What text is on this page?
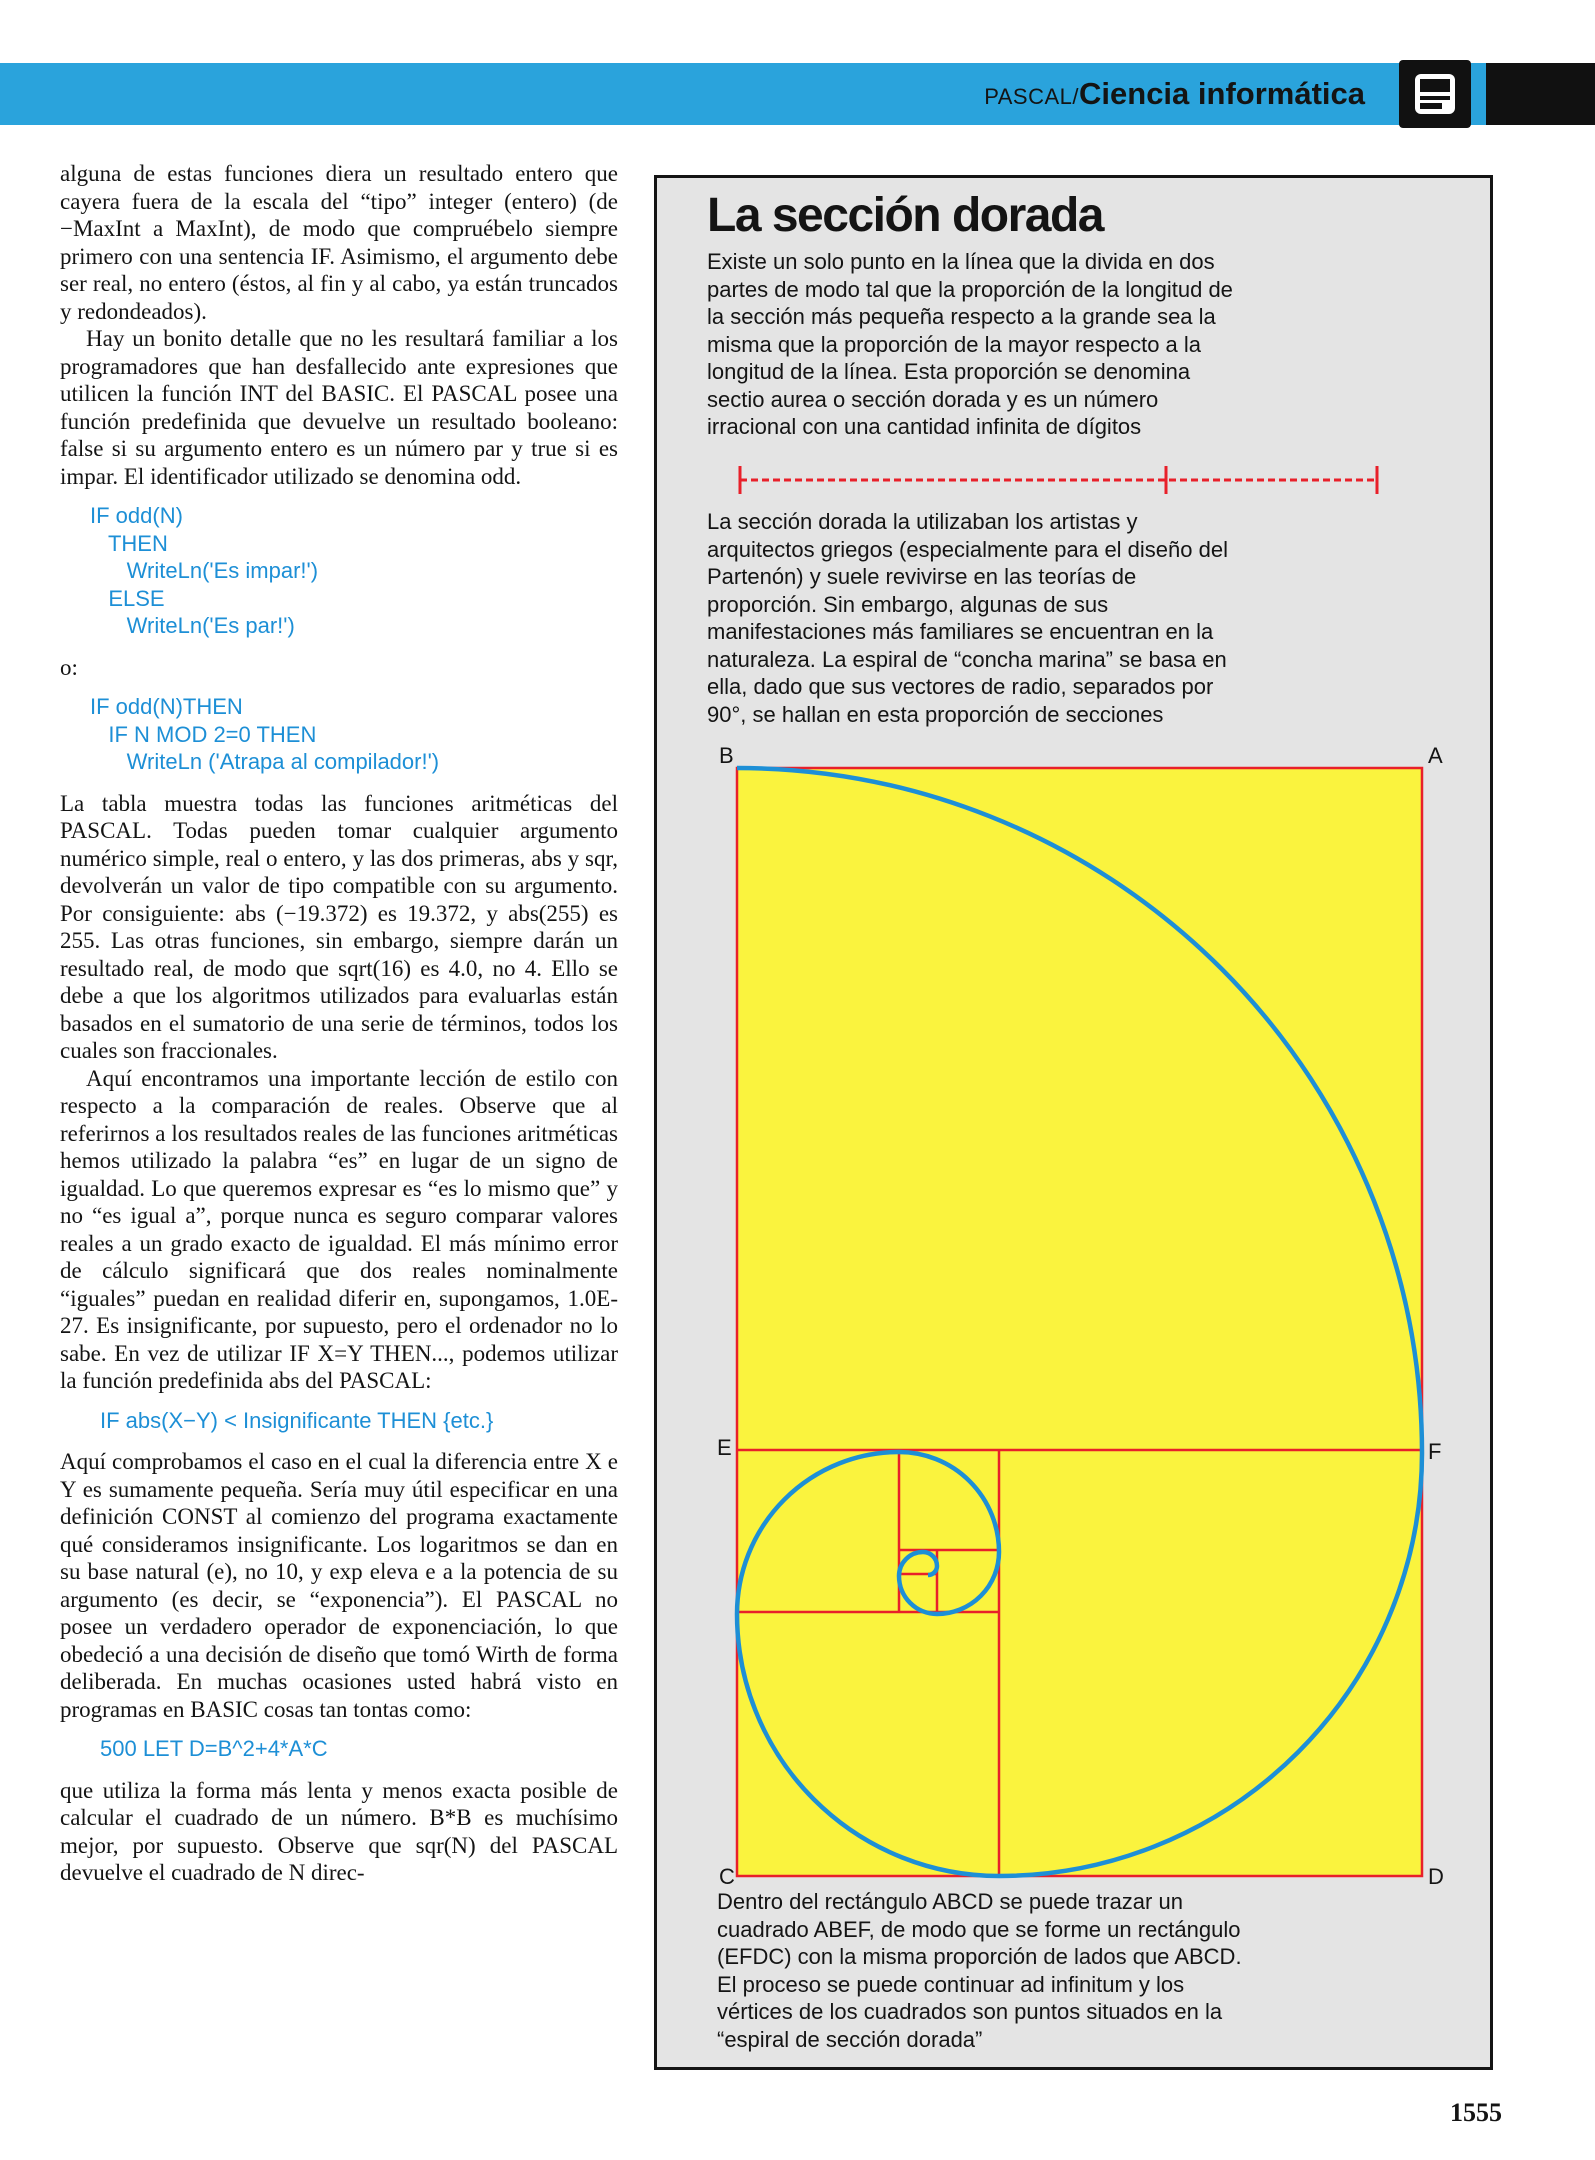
PASCAL/Ciencia informática

alguna de estas funciones diera un resultado entero que cayera fuera de la escala del “tipo” integer (entero) (de −MaxInt a MaxInt), de modo que compruébelo siempre primero con una sentencia IF. Asimismo, el argumento debe ser real, no entero (éstos, al fin y al cabo, ya están truncados y redondeados).

Hay un bonito detalle que no les resultará familiar a los programadores que han desfallecido ante expresiones que utilicen la función INT del BASIC. El PASCAL posee una función predefinida que devuelve un resultado booleano: false si su argumento entero es un número par y true si es impar. El identificador utilizado se denomina odd.

IF odd(N)
THEN
WriteLn('Es impar!')
ELSE
WriteLn('Es par!')

o:

IF odd(N)THEN
IF N MOD 2=0 THEN
WriteLn ('Atrapa al compilador!')

La tabla muestra todas las funciones aritméticas del PASCAL. Todas pueden tomar cualquier argumento numérico simple, real o entero, y las dos primeras, abs y sqr, devolverán un valor de tipo compatible con su argumento. Por consiguiente: abs (−19.372) es 19.372, y abs(255) es 255. Las otras funciones, sin embargo, siempre darán un resultado real, de modo que sqrt(16) es 4.0, no 4. Ello se debe a que los algoritmos utilizados para evaluarlas están basados en el sumatorio de una serie de términos, todos los cuales son fraccionales.

Aquí encontramos una importante lección de estilo con respecto a la comparación de reales. Observe que al referirnos a los resultados reales de las funciones aritméticas hemos utilizado la palabra “es” en lugar de un signo de igualdad. Lo que queremos expresar es “es lo mismo que” y no “es igual a”, porque nunca es seguro comparar valores reales a un grado exacto de igualdad. El más mínimo error de cálculo significará que dos reales nominalmente “iguales” puedan en realidad diferir en, supongamos, 1.0E-27. Es insignificante, por supuesto, pero el ordenador no lo sabe. En vez de utilizar IF X=Y THEN..., podemos utilizar la función predefinida abs del PASCAL:

IF abs(X−Y) < Insignificante THEN {etc.}

Aquí comprobamos el caso en el cual la diferencia entre X e Y es sumamente pequeña. Sería muy útil especificar en una definición CONST al comienzo del programa exactamente qué consideramos insignificante. Los logaritmos se dan en su base natural (e), no 10, y exp eleva e a la potencia de su argumento (es decir, se “exponencia”). El PASCAL no posee un verdadero operador de exponenciación, lo que obedeció a una decisión de diseño que tomó Wirth de forma deliberada. En muchas ocasiones usted habrá visto en programas en BASIC cosas tan tontas como:

500 LET D=B^2+4*A*C

que utiliza la forma más lenta y menos exacta posible de calcular el cuadrado de un número. B*B es muchísimo mejor, por supuesto. Observe que sqr(N) del PASCAL devuelve el cuadrado de N direc-

La sección dorada
Existe un solo punto en la línea que la divida en dos partes de modo tal que la proporción de la longitud de la sección más pequeña respecto a la grande sea la misma que la proporción de la mayor respecto a la longitud de la línea. Esta proporción se denomina sectio aurea o sección dorada y es un número irracional con una cantidad infinita de dígitos
B	A
E	F
C	D
La sección dorada la utilizaban los artistas y arquitectos griegos (especialmente para el diseño del Partenón) y suele revivirse en las teorías de proporción. Sin embargo, algunas de sus manifestaciones más familiares se encuentran en la naturaleza. La espiral de “concha marina” se basa en ella, dado que sus vectores de radio, separados por 90°, se hallan en esta proporción de secciones
Dentro del rectángulo ABCD se puede trazar un cuadrado ABEF, de modo que se forme un rectángulo (EFDC) con la misma proporción de lados que ABCD. El proceso se puede continuar ad infinitum y los vértices de los cuadrados son puntos situados en la “espiral de sección dorada”
1555
